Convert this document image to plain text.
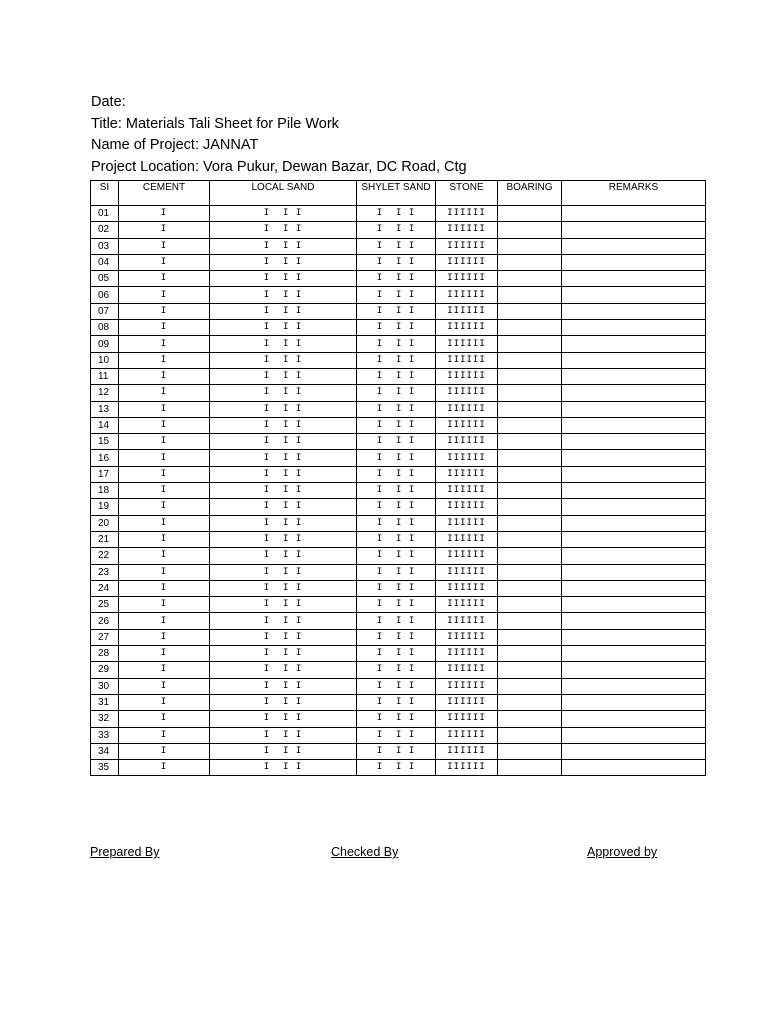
Date:
Title: Materials Tali Sheet for Pile Work
Name of Project: JANNAT
Project Location: Vora Pukur, Dewan Bazar, DC Road, Ctg
SI	CEMENT	LOCAL SAND	SHYLET SAND	STONE	BOARING	REMARKS

01	I	I  I I	I  I I	IIIIII		
02	I	I  I I	I  I I	IIIIII		
03	I	I  I I	I  I I	IIIIII		
04	I	I  I I	I  I I	IIIIII		
05	I	I  I I	I  I I	IIIIII		
06	I	I  I I	I  I I	IIIIII		
07	I	I  I I	I  I I	IIIIII		
08	I	I  I I	I  I I	IIIIII		
09	I	I  I I	I  I I	IIIIII		
10	I	I  I I	I  I I	IIIIII		
11	I	I  I I	I  I I	IIIIII		
12	I	I  I I	I  I I	IIIIII		
13	I	I  I I	I  I I	IIIIII		
14	I	I  I I	I  I I	IIIIII		
15	I	I  I I	I  I I	IIIIII		
16	I	I  I I	I  I I	IIIIII		
17	I	I  I I	I  I I	IIIIII		
18	I	I  I I	I  I I	IIIIII		
19	I	I  I I	I  I I	IIIIII		
20	I	I  I I	I  I I	IIIIII		
21	I	I  I I	I  I I	IIIIII		
22	I	I  I I	I  I I	IIIIII		
23	I	I  I I	I  I I	IIIIII		
24	I	I  I I	I  I I	IIIIII		
25	I	I  I I	I  I I	IIIIII		
26	I	I  I I	I  I I	IIIIII		
27	I	I  I I	I  I I	IIIIII		
28	I	I  I I	I  I I	IIIIII		
29	I	I  I I	I  I I	IIIIII		
30	I	I  I I	I  I I	IIIIII		
31	I	I  I I	I  I I	IIIIII		
32	I	I  I I	I  I I	IIIIII		
33	I	I  I I	I  I I	IIIIII		
34	I	I  I I	I  I I	IIIIII		
35	I	I  I I	I  I I	IIIIII		
Prepared By	Checked By	Approved by
